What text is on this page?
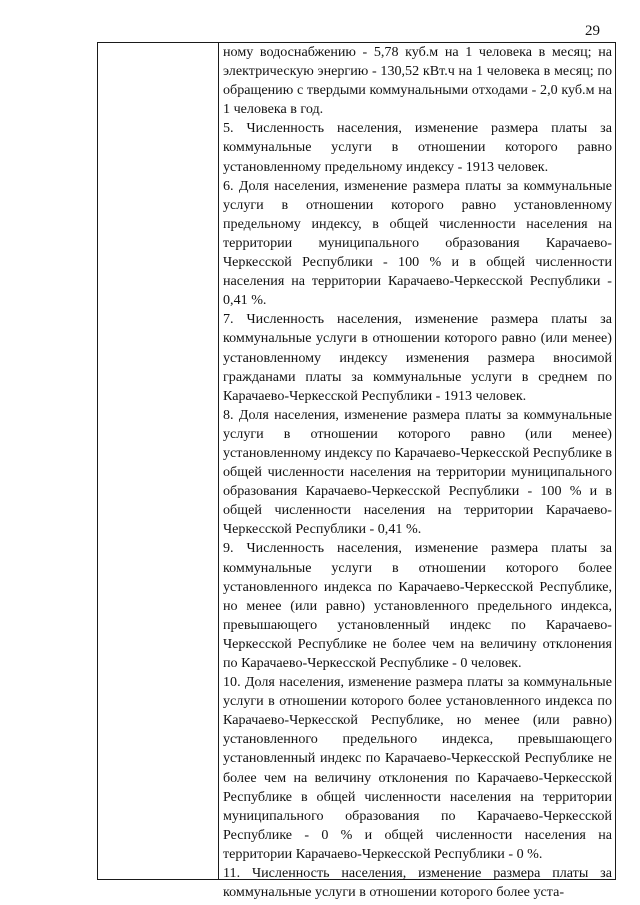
29

ному водоснабжению - 5,78 куб.м на 1 человека в месяц; на электрическую энергию - 130,52 кВт.ч на 1 человека в месяц; по обращению с твердыми коммунальными отходами - 2,0 куб.м на 1 человека в год.

5. Численность населения, изменение размера платы за коммунальные услуги в отношении которого равно установленному предельному индексу - 1913 человек.

6. Доля населения, изменение размера платы за коммунальные услуги в отношении которого равно установленному предельному индексу, в общей численности населения на территории муниципального образования Карачаево-Черкесской Республики - 100 % и в общей численности населения на территории Карачаево-Черкесской Республики - 0,41 %.

7. Численность населения, изменение размера платы за коммунальные услуги в отношении которого равно (или менее) установленному индексу изменения размера вносимой гражданами платы за коммунальные услуги в среднем по Карачаево-Черкесской Республики - 1913 человек.

8. Доля населения, изменение размера платы за коммунальные услуги в отношении которого равно (или менее) установленному индексу по Карачаево-Черкесской Республике в общей численности населения на территории муниципального образования Карачаево-Черкесской Республики - 100 % и в общей численности населения на территории Карачаево-Черкесской Республики - 0,41 %.

9. Численность населения, изменение размера платы за коммунальные услуги в отношении которого более установленного индекса по Карачаево-Черкесской Республике, но менее (или равно) установленного предельного индекса, превышающего установленный индекс по Карачаево-Черкесской Республике не более чем на величину отклонения по Карачаево-Черкесской Республике - 0 человек.

10. Доля населения, изменение размера платы за коммунальные услуги в отношении которого более установленного индекса по Карачаево-Черкесской Республике, но менее (или равно) установленного предельного индекса, превышающего установленный индекс по Карачаево-Черкесской Республике не более чем на величину отклонения по Карачаево-Черкесской Республике в общей численности населения на территории муниципального образования по Карачаево-Черкесской Республике - 0 % и общей численности населения на территории Карачаево-Черкесской Республики - 0 %.

11. Численность населения, изменение размера платы за коммунальные услуги в отношении которого более уста-
